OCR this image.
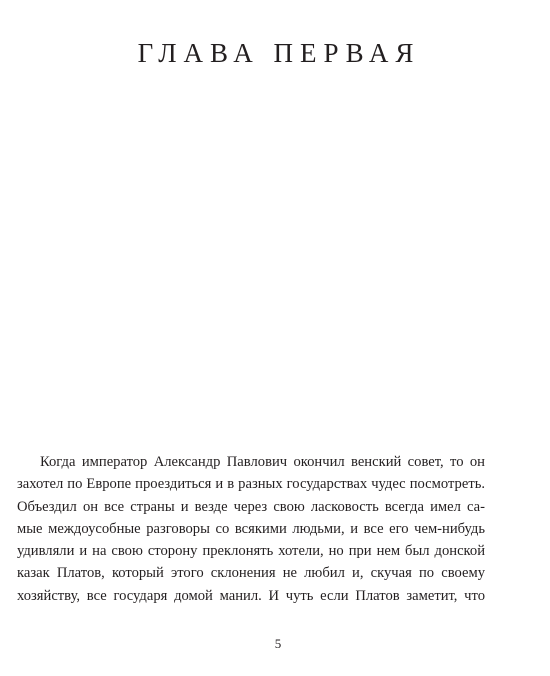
ГЛАВА ПЕРВАЯ
Когда император Александр Павлович окончил венский совет, то он
захотел по Европе проездиться и в разных государствах чудес посмотреть.
Объездил он все страны и везде через свою ласковость всегда имел са-
мые междоусобные разговоры со всякими людьми, и все его чем-нибудь
удивляли и на свою сторону преклонять хотели, но при нем был донской
казак Платов, который этого склонения не любил и, скучая по своему
хозяйству, все государя домой манил. И чуть если Платов заметит, что
5
